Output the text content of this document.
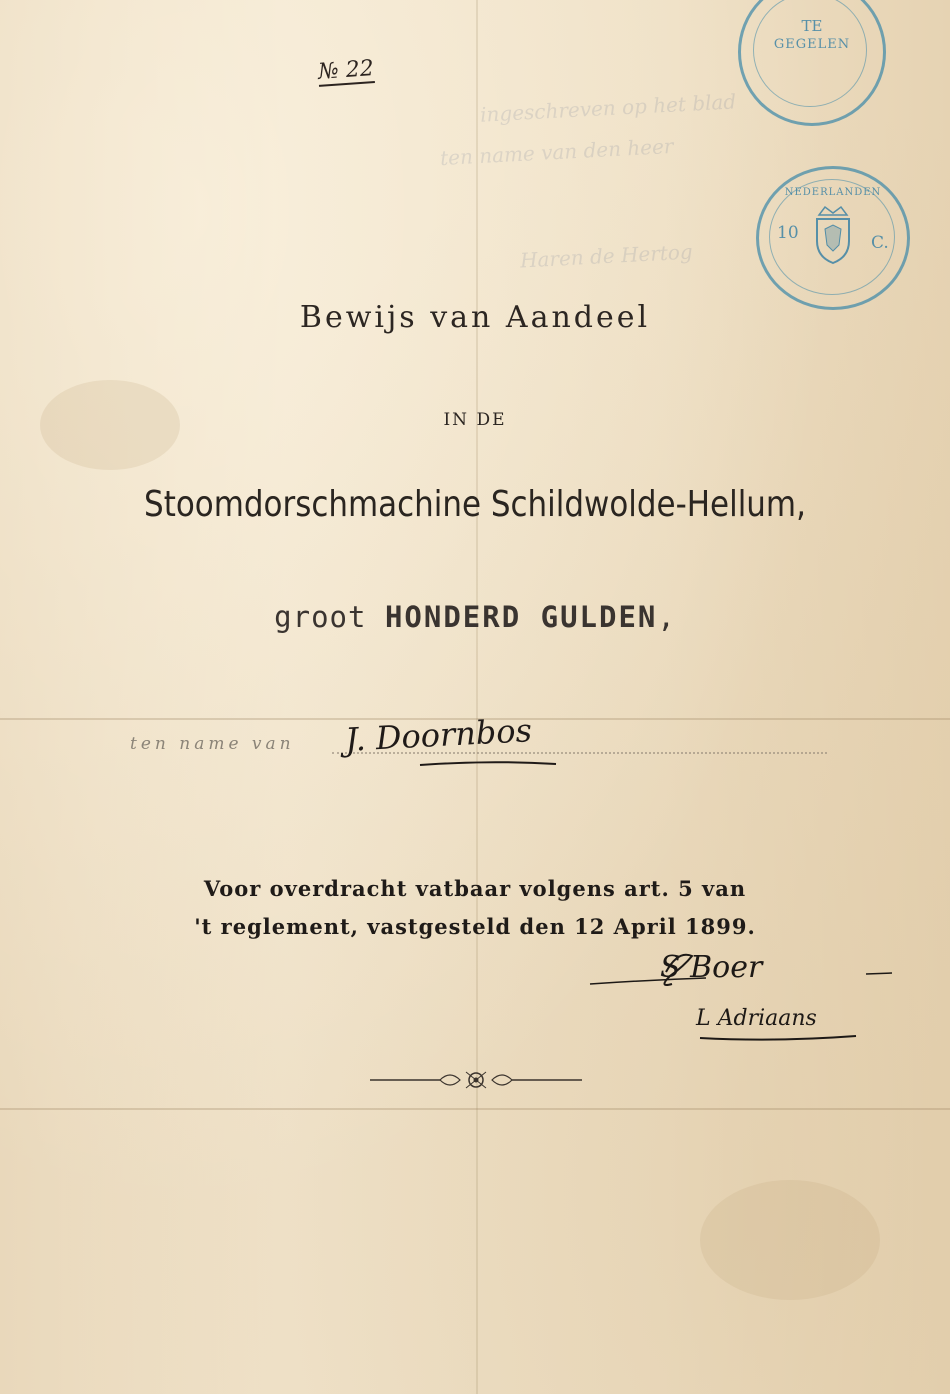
ingeschreven op het blad
ten name van den heer
Haren de Hertog
№ 22
TE
GEGELEN
NEDERLANDEN
10	C.
Bewijs van Aandeel
IN DE
Stoomdorschmachine Schildwolde-Hellum,
groot HONDERD GULDEN,
ten name van J. Doornbos
Voor overdracht vatbaar volgens art. 5 van
't reglement, vastgesteld den 12 April 1899.
S Boer
L Adriaans
